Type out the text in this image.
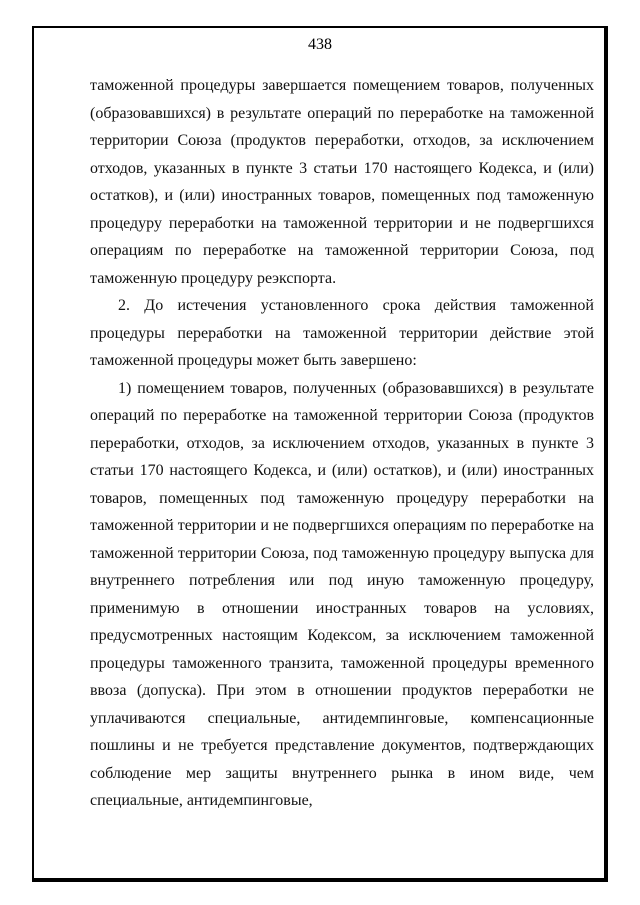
438

таможенной процедуры завершается помещением товаров, полученных (образовавшихся) в результате операций по переработке на таможенной территории Союза (продуктов переработки, отходов, за исключением отходов, указанных в пункте 3 статьи 170 настоящего Кодекса, и (или) остатков), и (или) иностранных товаров, помещенных под таможенную процедуру переработки на таможенной территории и не подвергшихся операциям по переработке на таможенной территории Союза, под таможенную процедуру реэкспорта.

2. До истечения установленного срока действия таможенной процедуры переработки на таможенной территории действие этой таможенной процедуры может быть завершено:

1) помещением товаров, полученных (образовавшихся) в результате операций по переработке на таможенной территории Союза (продуктов переработки, отходов, за исключением отходов, указанных в пункте 3 статьи 170 настоящего Кодекса, и (или) остатков), и (или) иностранных товаров, помещенных под таможенную процедуру переработки на таможенной территории и не подвергшихся операциям по переработке на таможенной территории Союза, под таможенную процедуру выпуска для внутреннего потребления или под иную таможенную процедуру, применимую в отношении иностранных товаров на условиях, предусмотренных настоящим Кодексом, за исключением таможенной процедуры таможенного транзита, таможенной процедуры временного ввоза (допуска). При этом в отношении продуктов переработки не уплачиваются специальные, антидемпинговые, компенсационные пошлины и не требуется представление документов, подтверждающих соблюдение мер защиты внутреннего рынка в ином виде, чем специальные, антидемпинговые,
